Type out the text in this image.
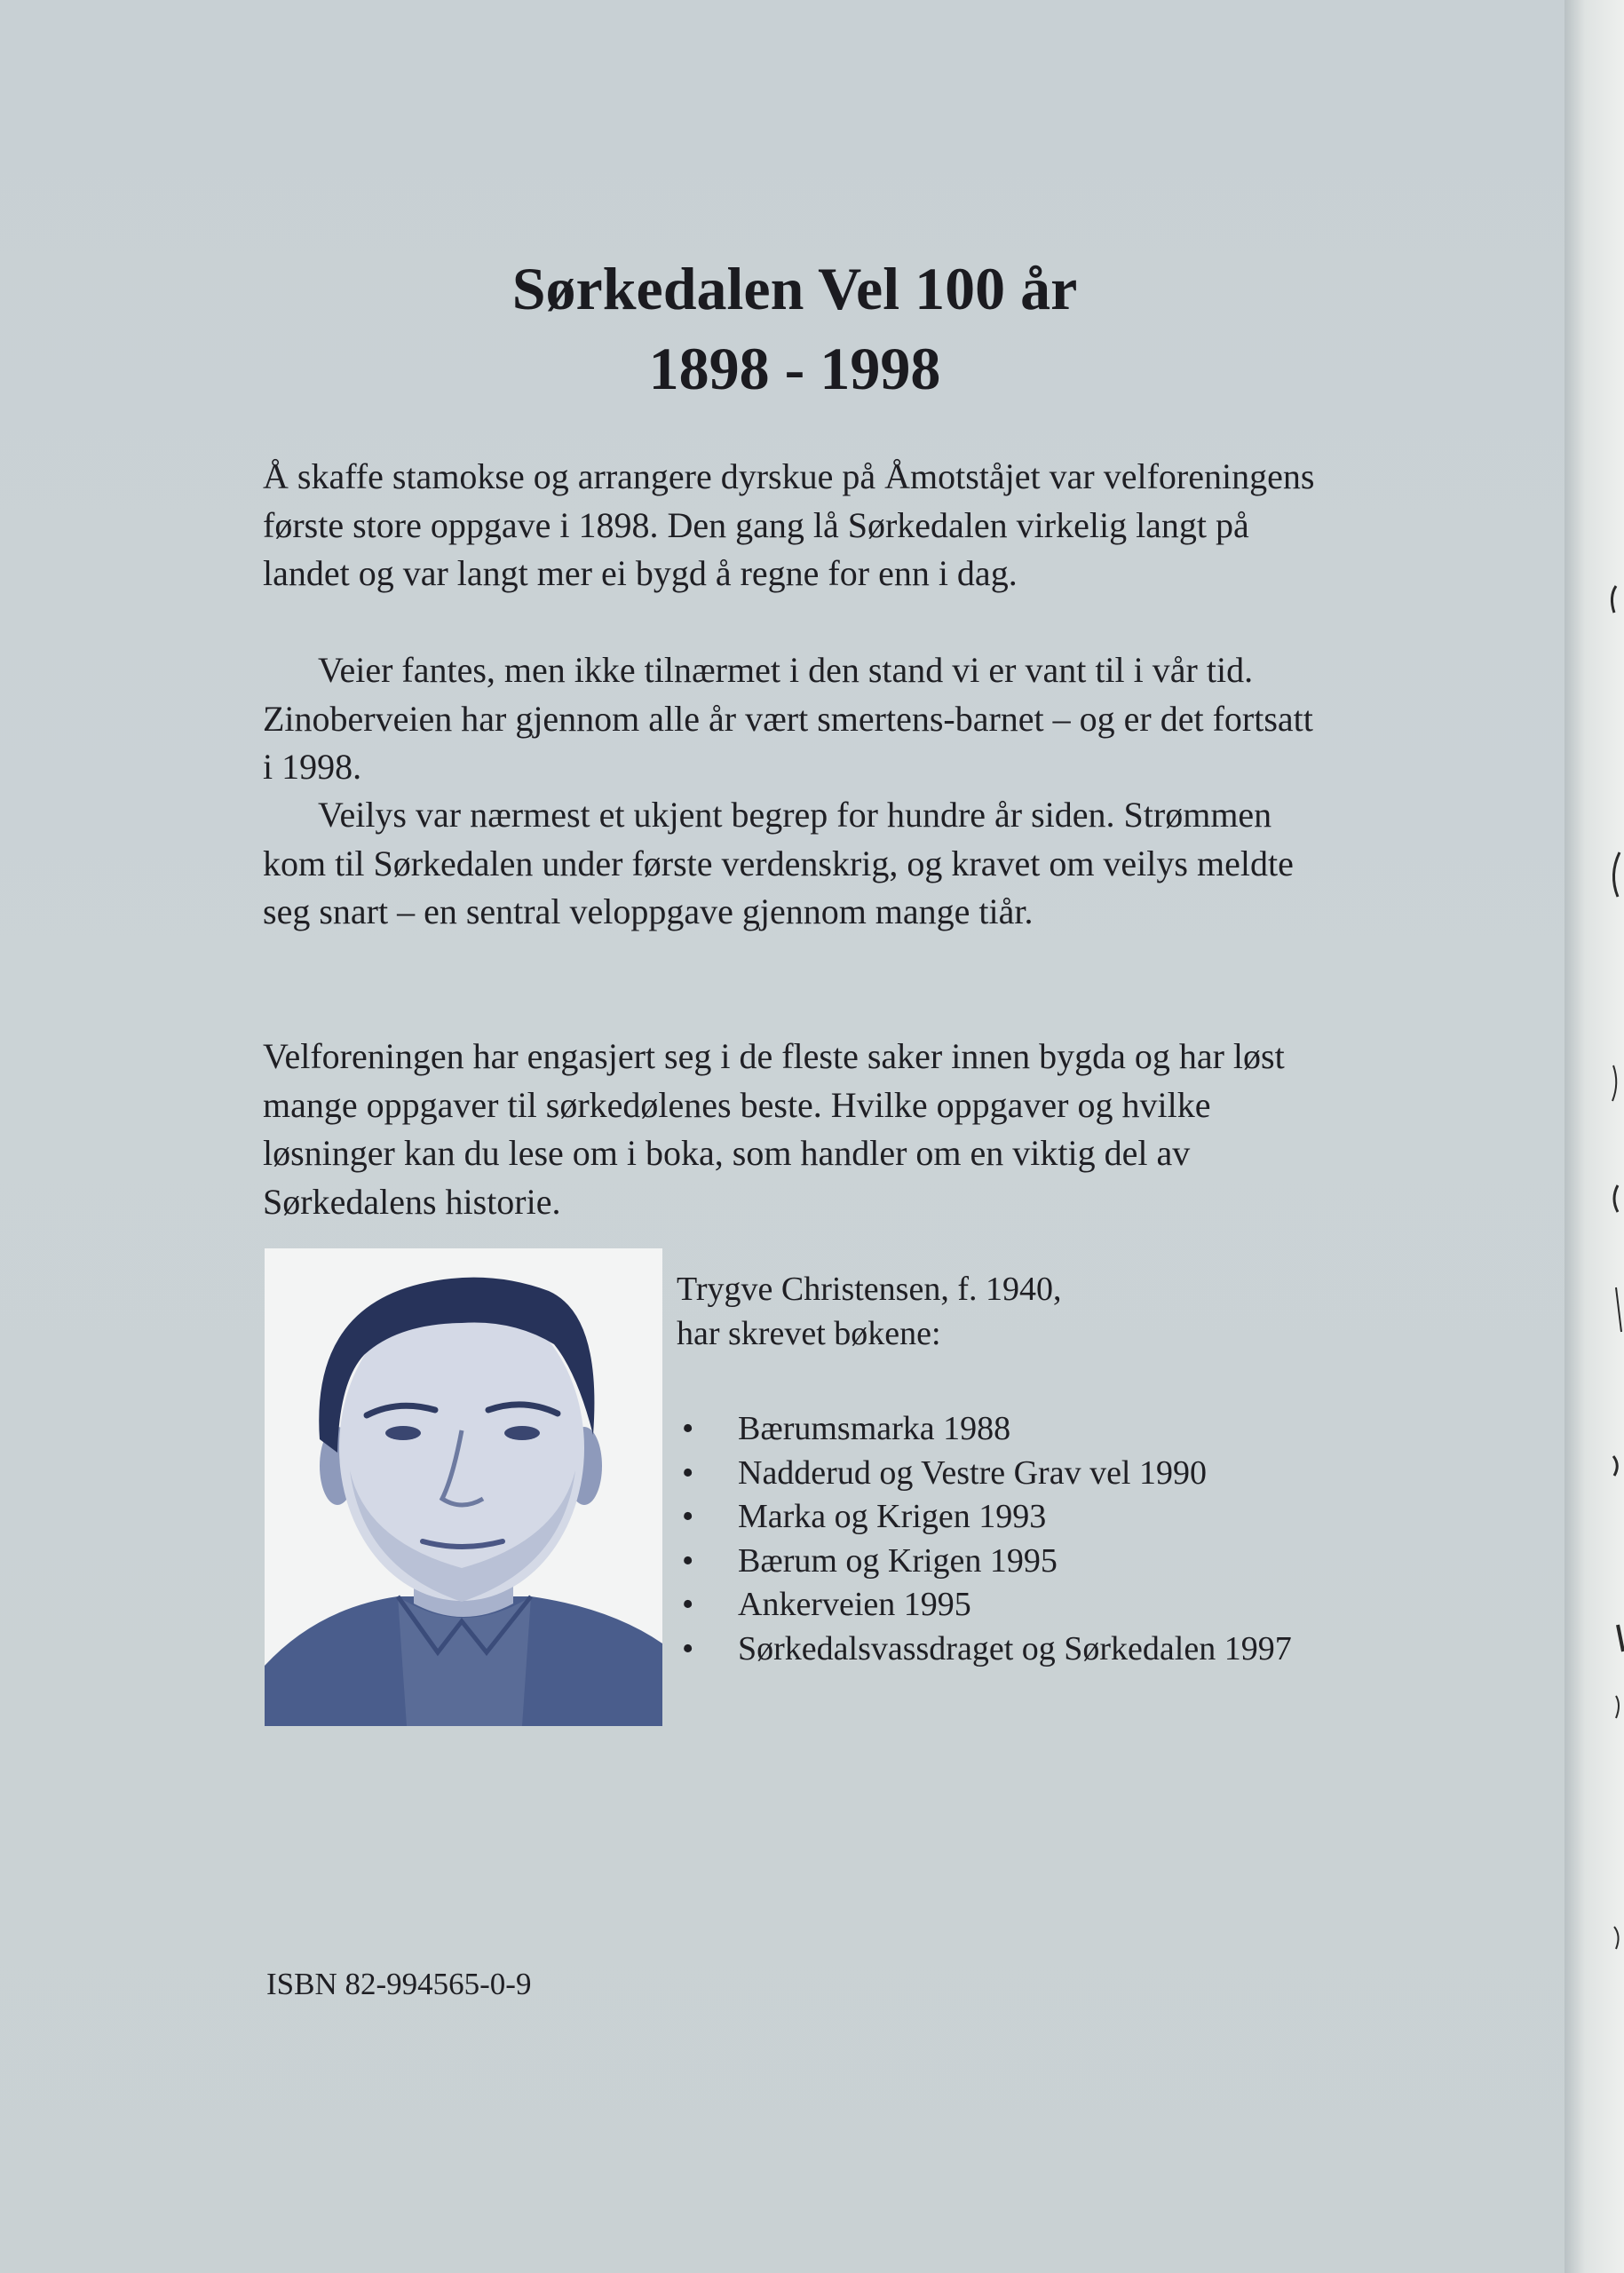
Sørkedalen Vel 100 år
1898 - 1998

Å skaffe stamokse og arrangere dyrskue på Åmotståjet var velforeningens første store oppgave i 1898. Den gang lå Sørkedalen virkelig langt på landet og var langt mer ei bygd å regne for enn i dag.

Veier fantes, men ikke tilnærmet i den stand vi er vant til i vår tid. Zinoberveien har gjennom alle år vært smertens-barnet – og er det fortsatt i 1998.

Veilys var nærmest et ukjent begrep for hundre år siden. Strømmen kom til Sørkedalen under første verdenskrig, og kravet om veilys meldte seg snart – en sentral veloppgave gjennom mange tiår.

Velforeningen har engasjert seg i de fleste saker innen bygda og har løst mange oppgaver til sørkedølenes beste. Hvilke oppgaver og hvilke løsninger kan du lese om i boka, som handler om en viktig del av Sørkedalens historie.

Trygve Christensen, f. 1940,

har skrevet bøkene:

• Bærumsmarka 1988
• Nadderud og Vestre Grav vel 1990
• Marka og Krigen 1993
• Bærum og Krigen 1995
• Ankerveien 1995
• Sørkedalsvassdraget og Sørkedalen 1997
ISBN 82-994565-0-9
